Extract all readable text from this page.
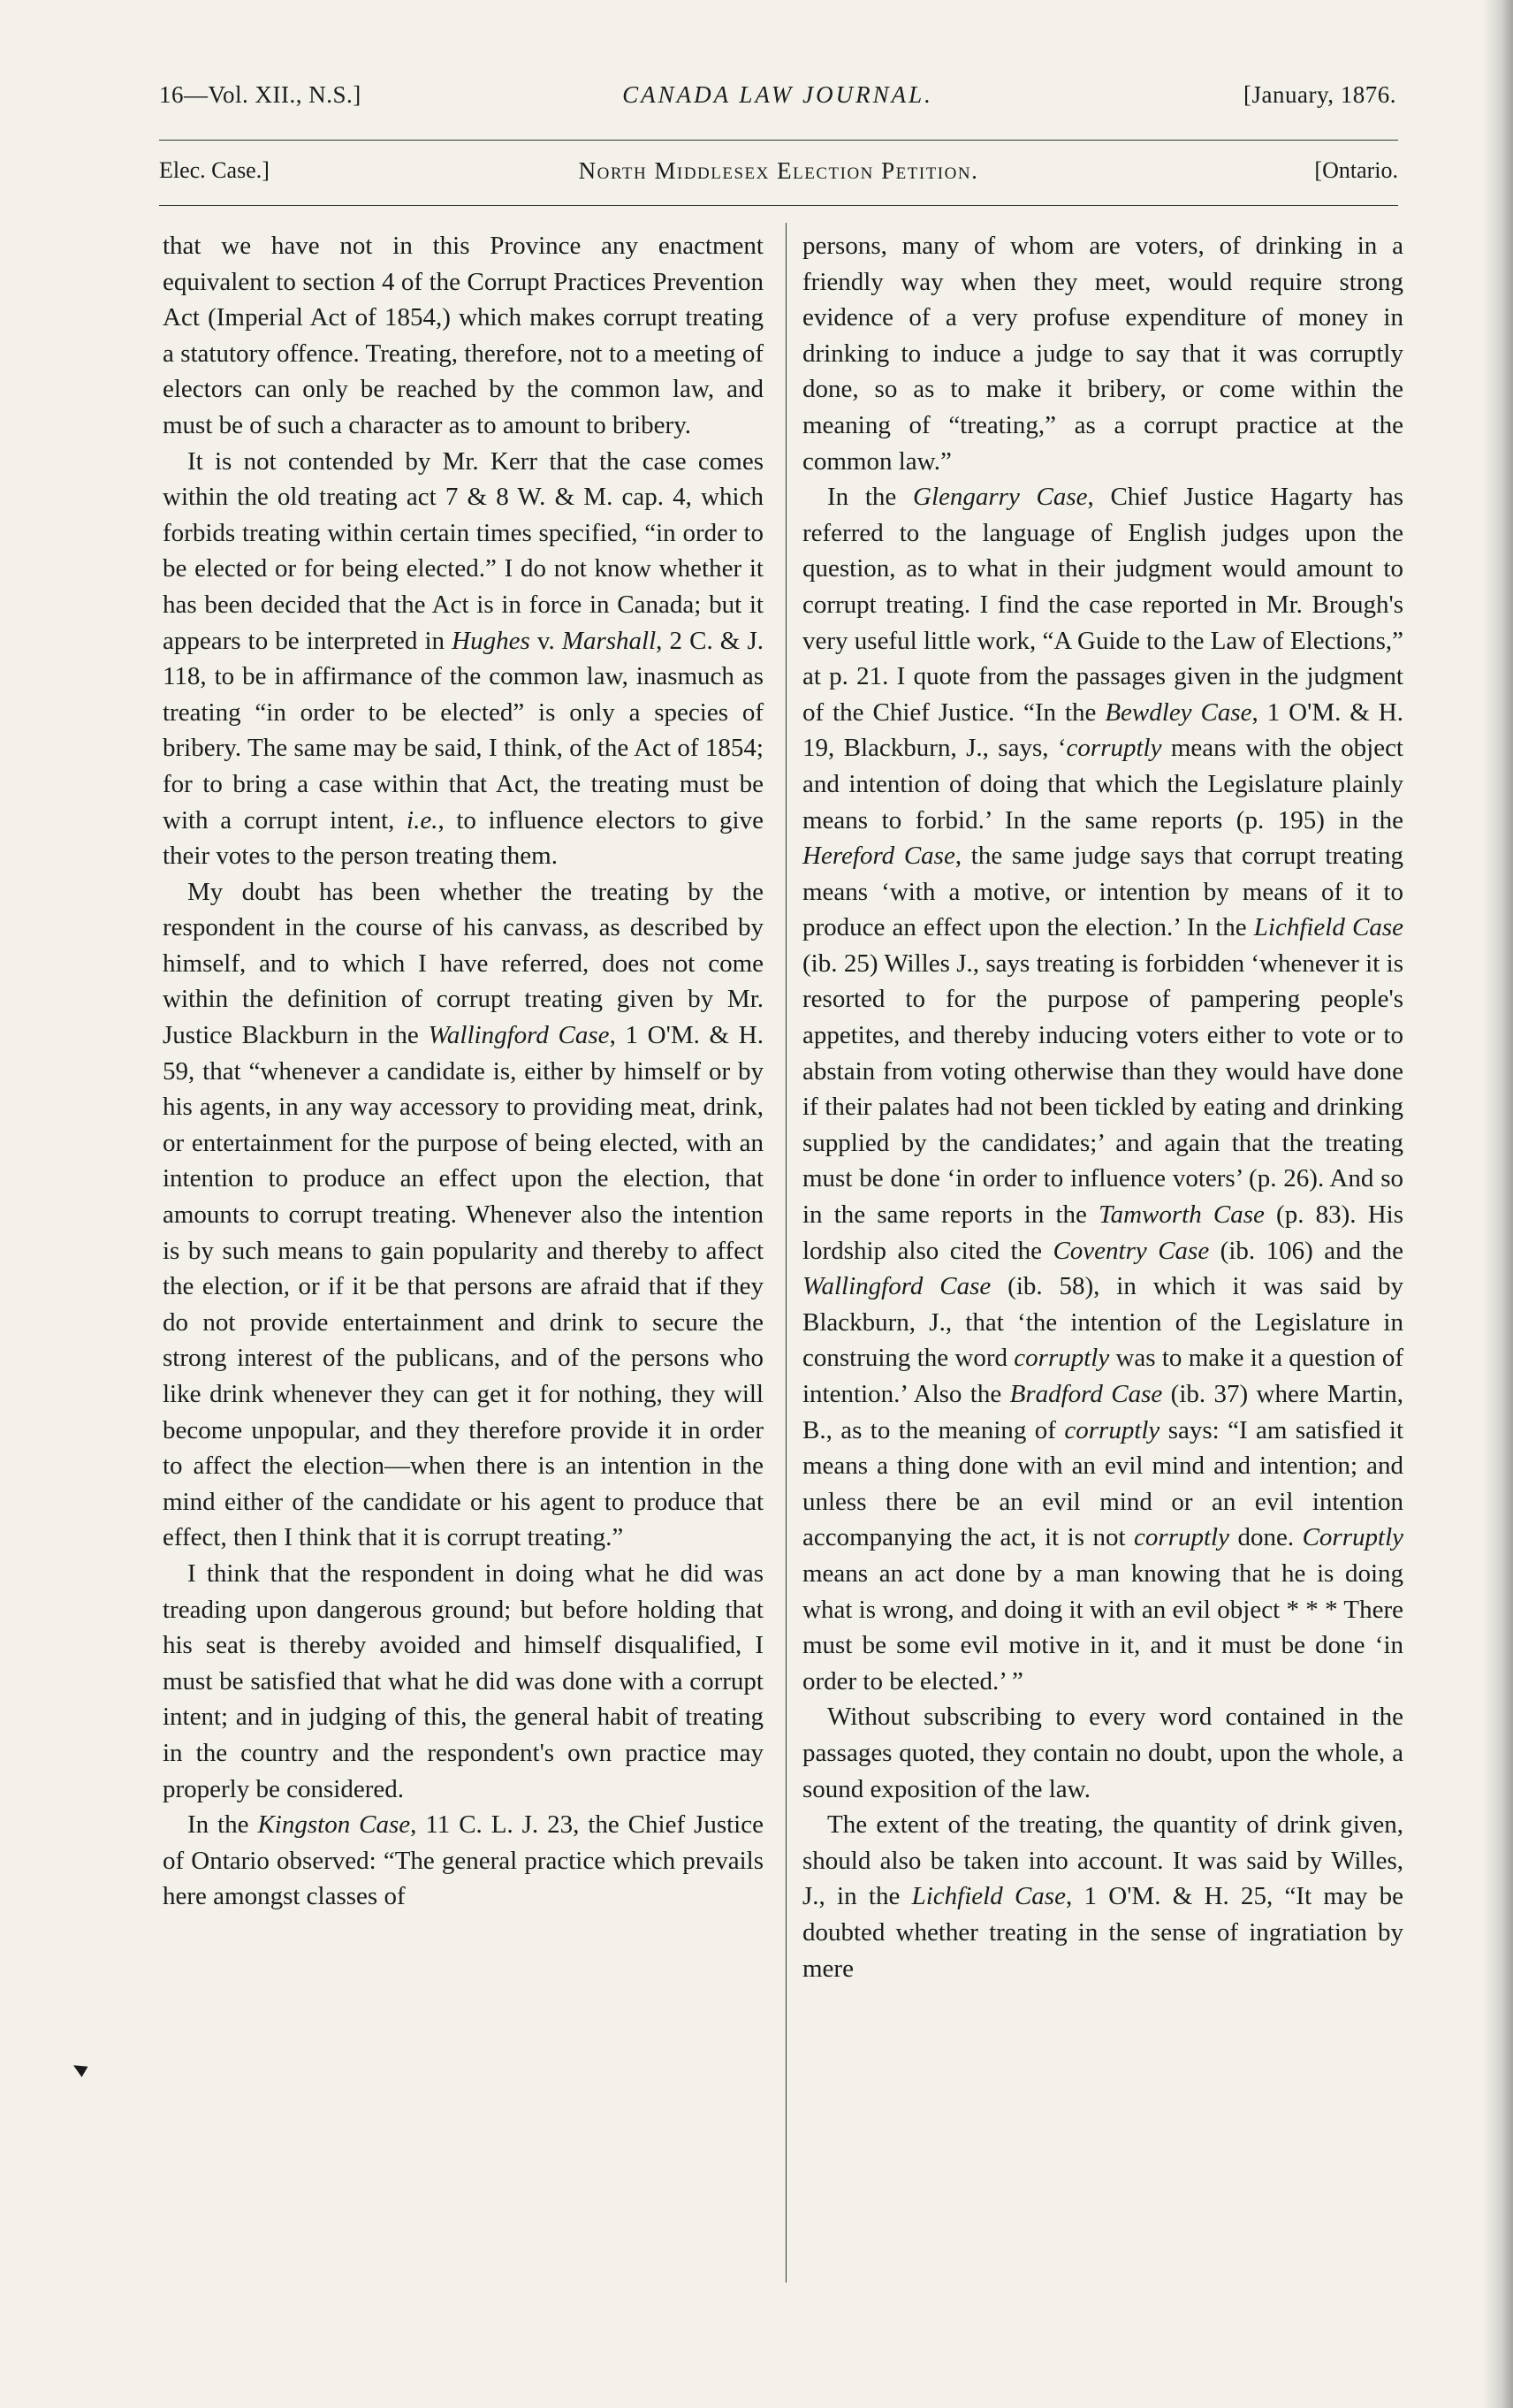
16—Vol. XII., N.S.]	CANADA LAW JOURNAL.	[January, 1876.
Elec. Case.]	North Middlesex Election Petition.	[Ontario.

that we have not in this Province any enactment equivalent to section 4 of the Corrupt Practices Prevention Act (Imperial Act of 1854,) which makes corrupt treating a statutory offence. Treating, therefore, not to a meeting of electors can only be reached by the common law, and must be of such a character as to amount to bribery.

It is not contended by Mr. Kerr that the case comes within the old treating act 7 & 8 W. & M. cap. 4, which forbids treating within certain times specified, “in order to be elected or for being elected.” I do not know whether it has been decided that the Act is in force in Canada; but it appears to be interpreted in Hughes v. Marshall, 2 C. & J. 118, to be in affirmance of the common law, inasmuch as treating “in order to be elected” is only a species of bribery. The same may be said, I think, of the Act of 1854; for to bring a case within that Act, the treating must be with a corrupt intent, i.e., to influence electors to give their votes to the person treating them.

My doubt has been whether the treating by the respondent in the course of his canvass, as described by himself, and to which I have referred, does not come within the definition of corrupt treating given by Mr. Justice Blackburn in the Wallingford Case, 1 O'M. & H. 59, that “whenever a candidate is, either by himself or by his agents, in any way accessory to providing meat, drink, or entertainment for the purpose of being elected, with an intention to produce an effect upon the election, that amounts to corrupt treating. Whenever also the intention is by such means to gain popularity and thereby to affect the election, or if it be that persons are afraid that if they do not provide entertainment and drink to secure the strong interest of the publicans, and of the persons who like drink whenever they can get it for nothing, they will become unpopular, and they therefore provide it in order to affect the election—when there is an intention in the mind either of the candidate or his agent to produce that effect, then I think that it is corrupt treating.”

I think that the respondent in doing what he did was treading upon dangerous ground; but before holding that his seat is thereby avoided and himself disqualified, I must be satisfied that what he did was done with a corrupt intent; and in judging of this, the general habit of treating in the country and the respondent's own practice may properly be considered.

In the Kingston Case, 11 C. L. J. 23, the Chief Justice of Ontario observed: “The general practice which prevails here amongst classes of

persons, many of whom are voters, of drinking in a friendly way when they meet, would require strong evidence of a very profuse expenditure of money in drinking to induce a judge to say that it was corruptly done, so as to make it bribery, or come within the meaning of “treating,” as a corrupt practice at the common law.”

In the Glengarry Case, Chief Justice Hagarty has referred to the language of English judges upon the question, as to what in their judgment would amount to corrupt treating. I find the case reported in Mr. Brough's very useful little work, “A Guide to the Law of Elections,” at p. 21. I quote from the passages given in the judgment of the Chief Justice. “In the Bewdley Case, 1 O'M. & H. 19, Blackburn, J., says, ‘corruptly means with the object and intention of doing that which the Legislature plainly means to forbid.’ In the same reports (p. 195) in the Hereford Case, the same judge says that corrupt treating means ‘with a motive, or intention by means of it to produce an effect upon the election.’ In the Lichfield Case (ib. 25) Willes J., says treating is forbidden ‘whenever it is resorted to for the purpose of pampering people's appetites, and thereby inducing voters either to vote or to abstain from voting otherwise than they would have done if their palates had not been tickled by eating and drinking supplied by the candidates;’ and again that the treating must be done ‘in order to influence voters’ (p. 26). And so in the same reports in the Tamworth Case (p. 83). His lordship also cited the Coventry Case (ib. 106) and the Wallingford Case (ib. 58), in which it was said by Blackburn, J., that ‘the intention of the Legislature in construing the word corruptly was to make it a question of intention.’ Also the Bradford Case (ib. 37) where Martin, B., as to the meaning of corruptly says: “I am satisfied it means a thing done with an evil mind and intention; and unless there be an evil mind or an evil intention accompanying the act, it is not corruptly done. Corruptly means an act done by a man knowing that he is doing what is wrong, and doing it with an evil object * * * There must be some evil motive in it, and it must be done ‘in order to be elected.’ ”

Without subscribing to every word contained in the passages quoted, they contain no doubt, upon the whole, a sound exposition of the law.

The extent of the treating, the quantity of drink given, should also be taken into account. It was said by Willes, J., in the Lichfield Case, 1 O'M. & H. 25, “It may be doubted whether treating in the sense of ingratiation by mere
